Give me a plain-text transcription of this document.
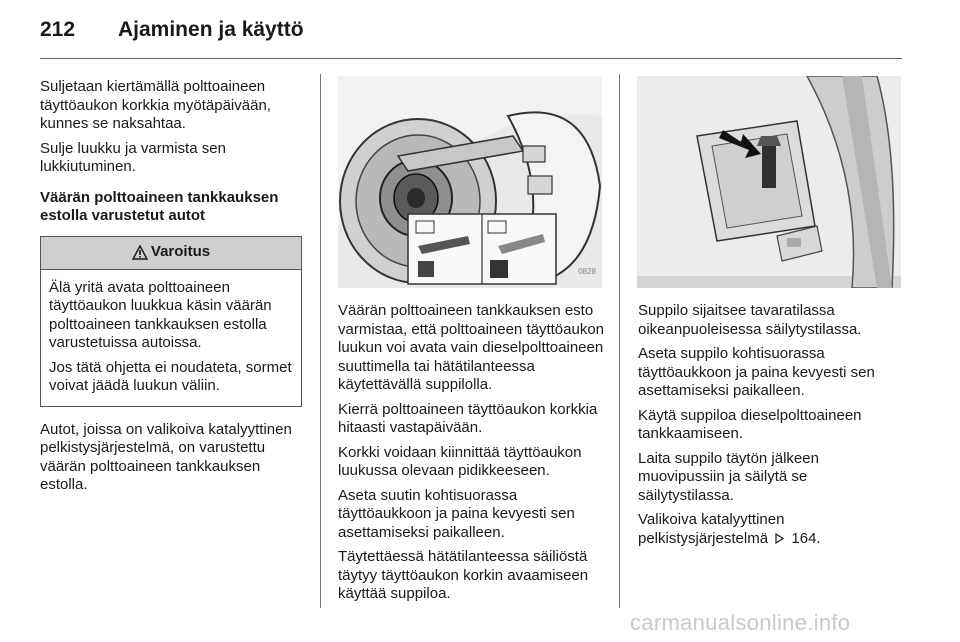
212 Ajaminen ja käyttö

Suljetaan kiertämällä polttoaineen täyttöaukon korkkia myötäpäivään, kunnes se naksahtaa.

Sulje luukku ja varmista sen lukkiutuminen.

Väärän polttoaineen tankkauksen estolla varustetut autot

Varoitus

Älä yritä avata polttoaineen täyttöaukon luukkua käsin väärän polttoaineen tankkauksen estolla varustetuissa autoissa.

Jos tätä ohjetta ei noudateta, sormet voivat jäädä luukun väliin.

Autot, joissa on valikoiva katalyyttinen pelkistysjärjestelmä, on varustettu väärän polttoaineen tankkauksen estolla.

0828

Väärän polttoaineen tankkauksen esto varmistaa, että polttoaineen täyttöaukon luukun voi avata vain dieselpolttoaineen suuttimella tai hätätilanteessa käytettävällä suppilolla.

Kierrä polttoaineen täyttöaukon korkkia hitaasti vastapäivään.

Korkki voidaan kiinnittää täyttöaukon luukussa olevaan pidikkeeseen.

Aseta suutin kohtisuorassa täyttöaukkoon ja paina kevyesti sen asettamiseksi paikalleen.

Täytettäessä hätätilanteessa säiliöstä täytyy täyttöaukon korkin avaamiseen käyttää suppiloa.

Suppilo sijaitsee tavaratilassa oikeanpuoleisessa säilytystilassa.

Aseta suppilo kohtisuorassa täyttöaukkoon ja paina kevyesti sen asettamiseksi paikalleen.

Käytä suppiloa dieselpolttoaineen tankkaamiseen.

Laita suppilo täytön jälkeen muovipussiin ja säilytä se säilytystilassa.

Valikoiva katalyyttinen pelkistysjärjestelmä 164.

carmanualsonline.info
